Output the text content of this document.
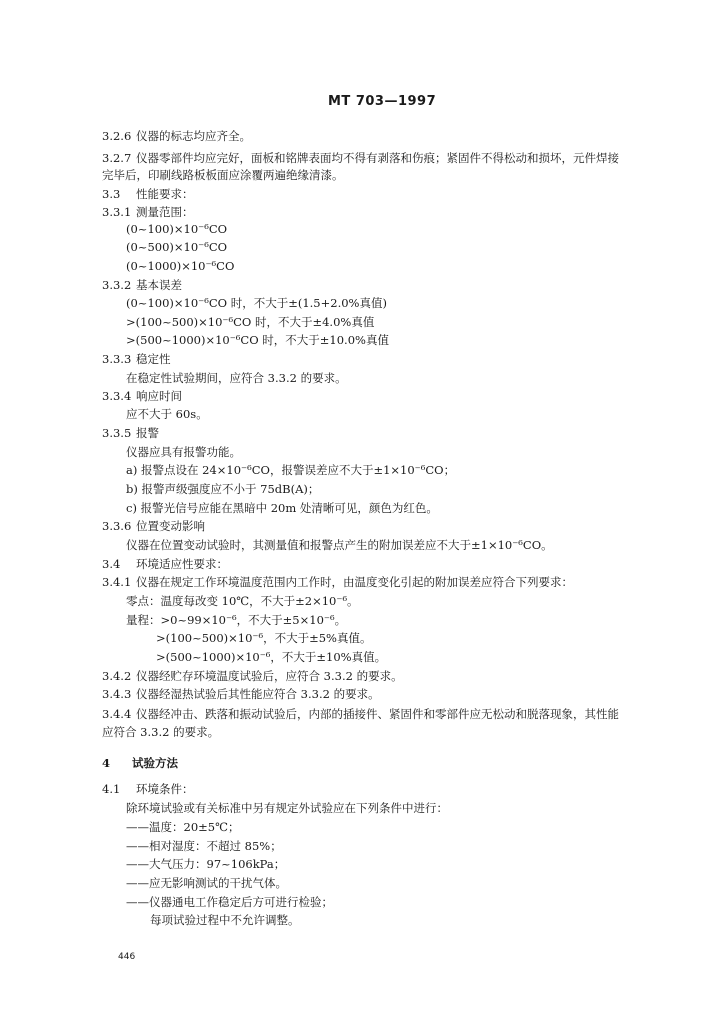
MT 703—1997
3.2.6 仪器的标志均应齐全。
3.2.7 仪器零部件均应完好，面板和铭牌表面均不得有剥落和伤痕；紧固件不得松动和损坏，元件焊接
完毕后，印刷线路板板面应涂覆两遍绝缘清漆。
3.3 性能要求：
3.3.1 测量范围：
(0~100)×10⁻⁶CO
(0~500)×10⁻⁶CO
(0~1000)×10⁻⁶CO
3.3.2 基本误差
(0~100)×10⁻⁶CO 时，不大于±(1.5+2.0%真值)
>(100~500)×10⁻⁶CO 时，不大于±4.0%真值
>(500~1000)×10⁻⁶CO 时，不大于±10.0%真值
3.3.3 稳定性
在稳定性试验期间，应符合 3.3.2 的要求。
3.3.4 响应时间
应不大于 60s。
3.3.5 报警
仪器应具有报警功能。
a) 报警点设在 24×10⁻⁶CO，报警误差应不大于±1×10⁻⁶CO；
b) 报警声级强度应不小于 75dB(A)；
c) 报警光信号应能在黑暗中 20m 处清晰可见，颜色为红色。
3.3.6 位置变动影响
仪器在位置变动试验时，其测量值和报警点产生的附加误差应不大于±1×10⁻⁶CO。
3.4 环境适应性要求：
3.4.1 仪器在规定工作环境温度范围内工作时，由温度变化引起的附加误差应符合下列要求：
零点：温度每改变 10℃，不大于±2×10⁻⁶。
量程：>0~99×10⁻⁶，不大于±5×10⁻⁶。
>(100~500)×10⁻⁶，不大于±5%真值。
>(500~1000)×10⁻⁶，不大于±10%真值。
3.4.2 仪器经贮存环境温度试验后，应符合 3.3.2 的要求。
3.4.3 仪器经湿热试验后其性能应符合 3.3.2 的要求。
3.4.4 仪器经冲击、跌落和振动试验后，内部的插接件、紧固件和零部件应无松动和脱落现象，其性能
应符合 3.3.2 的要求。
4 试验方法
4.1 环境条件：
除环境试验或有关标准中另有规定外试验应在下列条件中进行：
——温度：20±5℃；
——相对湿度：不超过 85%；
——大气压力：97~106kPa；
——应无影响测试的干扰气体。
——仪器通电工作稳定后方可进行检验；
每项试验过程中不允许调整。
446
